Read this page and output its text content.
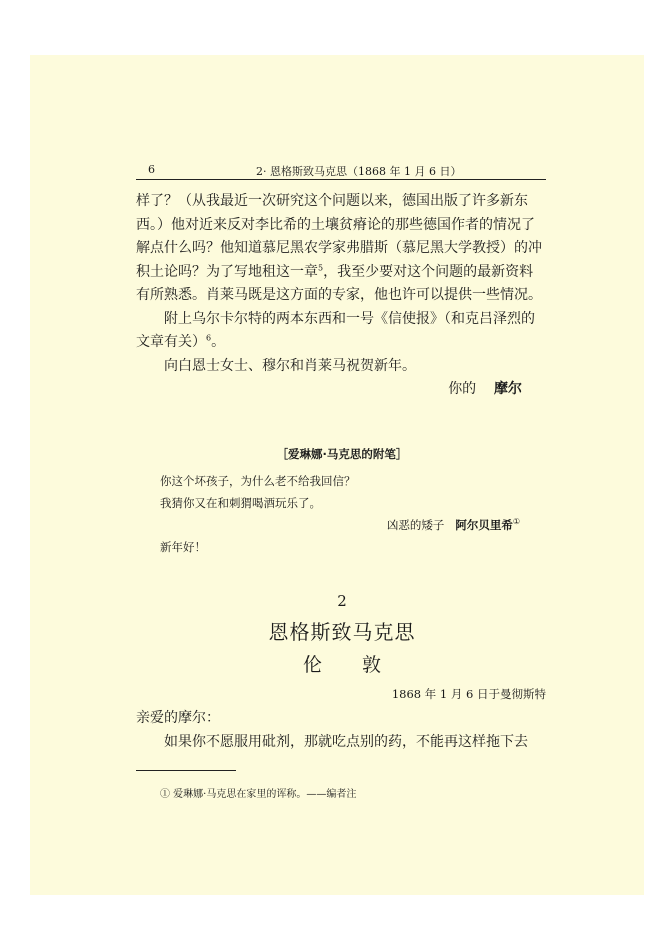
6	2· 恩格斯致马克思（1868 年 1 月 6 日）
样了？（从我最近一次研究这个问题以来，德国出版了许多新东
西。）他对近来反对李比希的土壤贫瘠论的那些德国作者的情况了
解点什么吗？他知道慕尼黑农学家弗腊斯（慕尼黑大学教授）的冲
积土论吗？为了写地租这一章$^5$，我至少要对这个问题的最新资料
有所熟悉。肖莱马既是这方面的专家，他也许可以提供一些情况。
附上乌尔卡尔特的两本东西和一号《信使报》（和克吕泽烈的
文章有关）$^6$。
向白恩士女士、穆尔和肖莱马祝贺新年。
你的 摩尔
［爱琳娜·马克思的附笔］
你这个坏孩子，为什么老不给我回信？
我猜你又在和刺猬喝酒玩乐了。
凶恶的矮子 阿尔贝里希①
新年好！
2
恩格斯致马克思
伦 敦
1868 年 1 月 6 日于曼彻斯特
亲爱的摩尔：
如果你不愿服用砒剂，那就吃点别的药，不能再这样拖下去
① 爱琳娜·马克思在家里的诨称。——编者注
